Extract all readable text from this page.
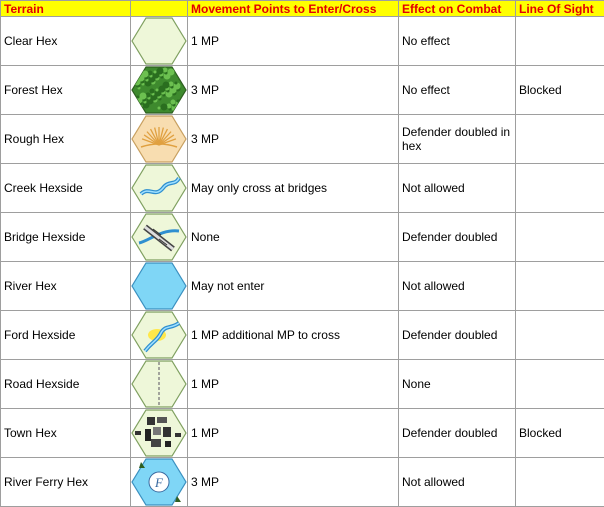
Terrain		Movement Points to Enter/Cross	Effect on Combat	Line Of Sight
Clear Hex		1 MP	No effect	
Forest Hex		3 MP	No effect	Blocked
Rough Hex		3 MP	Defender doubled in hex	
Creek Hexside		May only cross at bridges	Not allowed	
Bridge Hexside		None	Defender doubled	
River Hex		May not enter	Not allowed	
Ford Hexside		1 MP additional MP to cross	Defender doubled	
Road Hexside		1 MP	None	
Town Hex		1 MP	Defender doubled	Blocked
River Ferry Hex	F	3 MP	Not allowed	
